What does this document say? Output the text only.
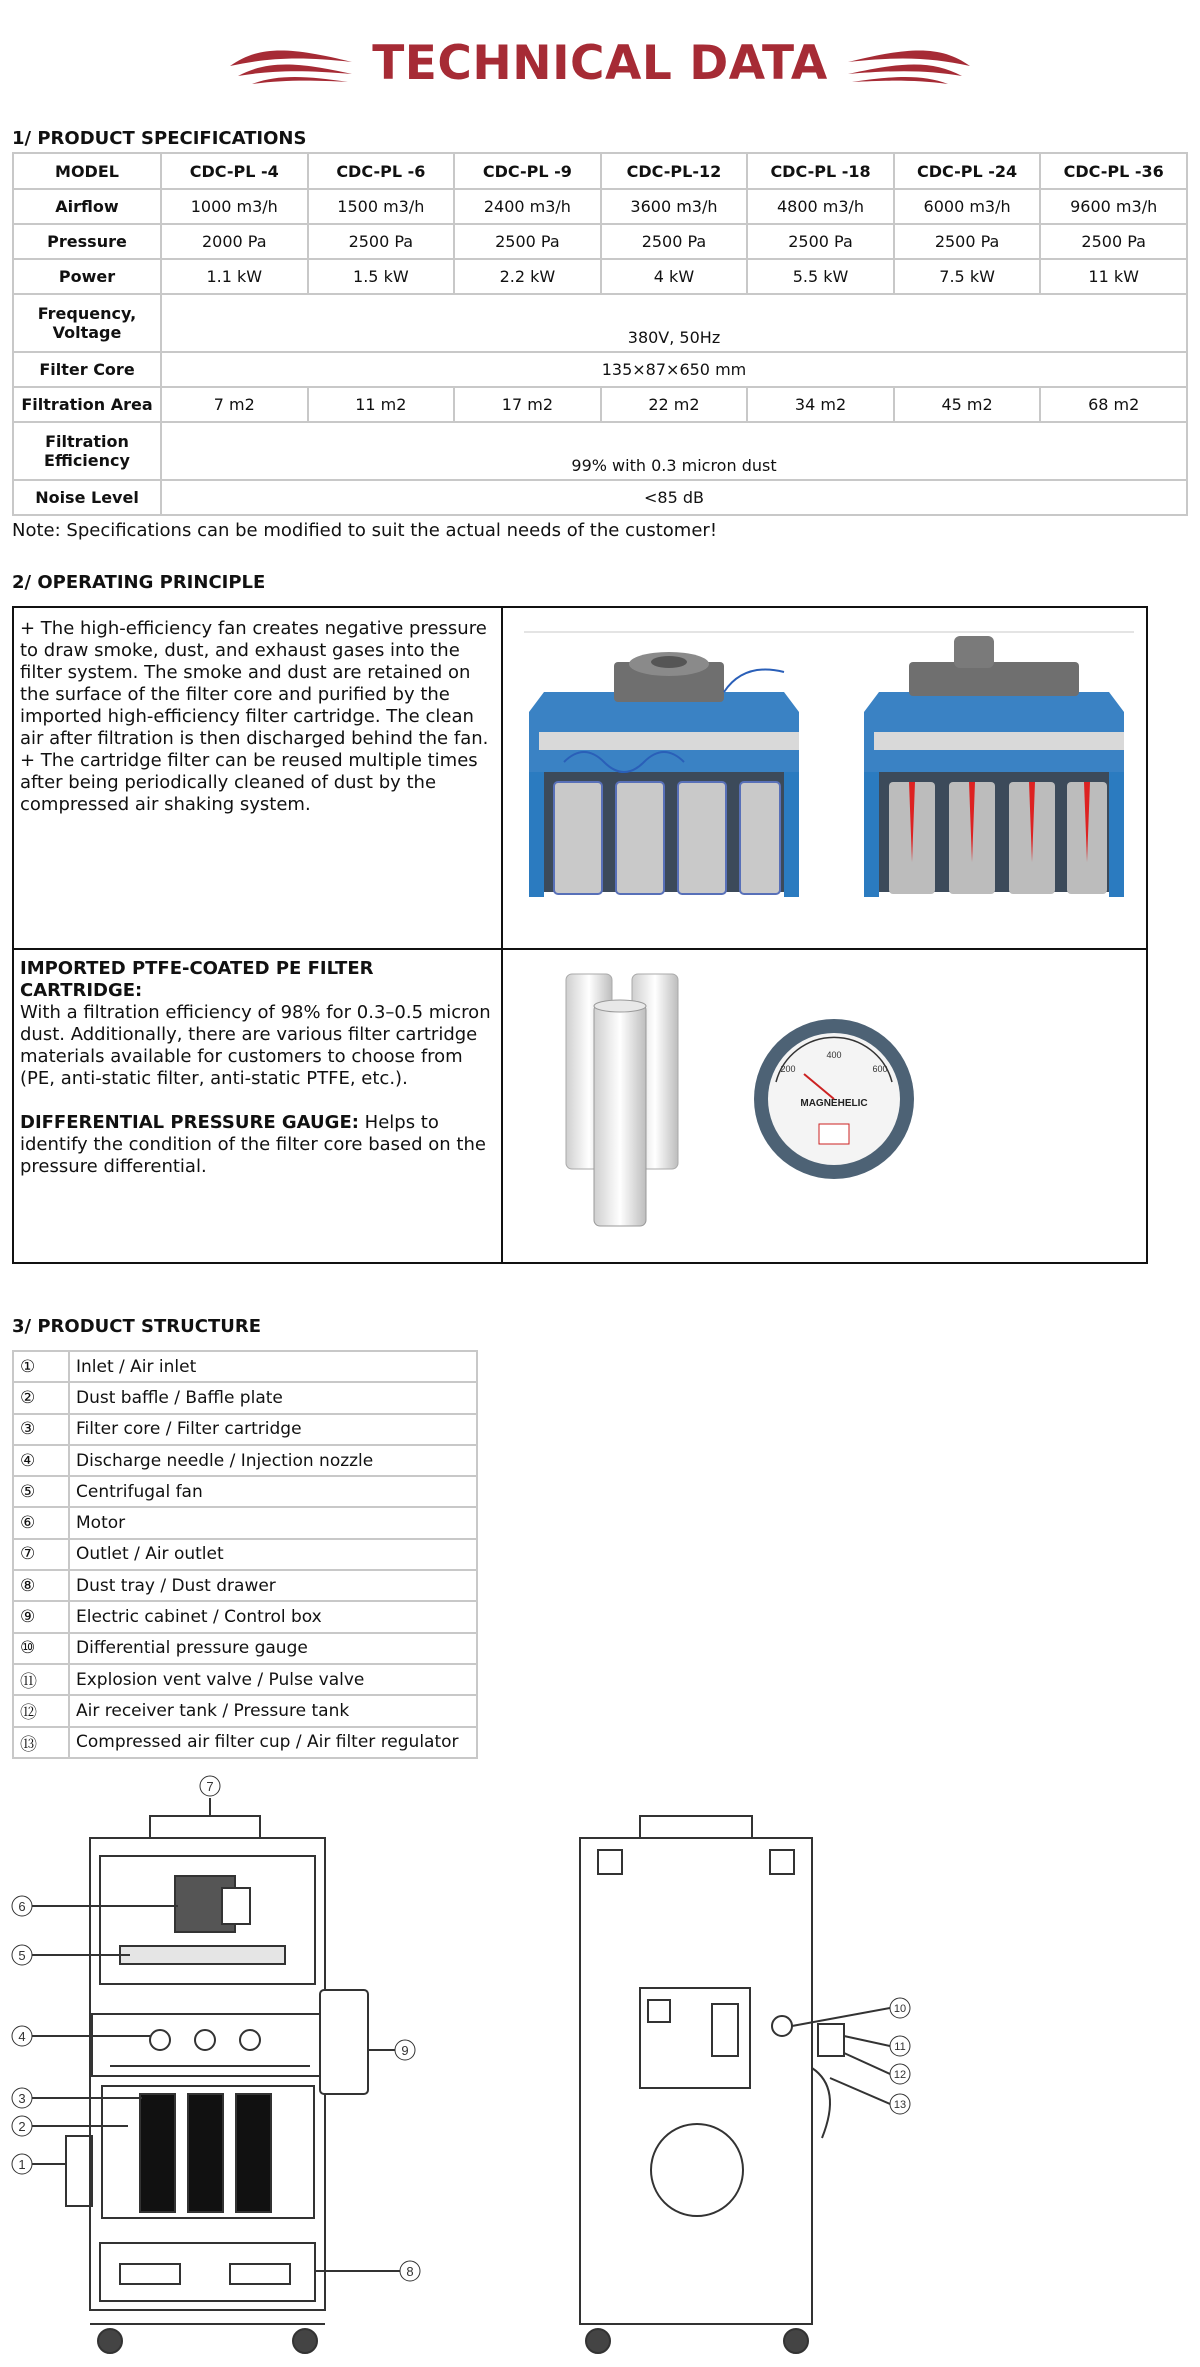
TECHNICAL DATA
1/ PRODUCT SPECIFICATIONS
MODEL	CDC-PL -4	CDC-PL -6	CDC-PL -9	CDC-PL-12	CDC-PL -18	CDC-PL -24	CDC-PL -36
Airflow	1000 m3/h	1500 m3/h	2400 m3/h	3600 m3/h	4800 m3/h	6000 m3/h	9600 m3/h
Pressure	2000 Pa	2500 Pa	2500 Pa	2500 Pa	2500 Pa	2500 Pa	2500 Pa
Power	1.1 kW	1.5 kW	2.2 kW	4 kW	5.5 kW	7.5 kW	11 kW

Frequency,
Voltage	380V, 50Hz						
Filter Core	135×87×650 mm						
Filtration Area	7 m2	11 m2	17 m2	22 m2	34 m2	45 m2	68 m2

Filtration
Efficiency	99% with 0.3 micron dust						
Noise Level	<85 dB						
Note: Specifications can be modified to suit the actual needs of the customer!
2/ OPERATING PRINCIPLE
+ The high-efficiency fan creates negative pressure to draw smoke, dust, and exhaust gases into the filter system. The smoke and dust are retained on the surface of the filter core and purified by the imported high-efficiency filter cartridge. The clean air after filtration is then discharged behind the fan.
+ The cartridge filter can be reused multiple times after being periodically cleaned of dust by the compressed air shaking system.
IMPORTED PTFE-COATED PE FILTER CARTRIDGE:
With a filtration efficiency of 98% for 0.3–0.5 micron dust. Additionally, there are various filter cartridge materials available for customers to choose from (PE, anti-static filter, anti-static PTFE, etc.).

DIFFERENTIAL PRESSURE GAUGE: Helps to identify the condition of the filter core based on the pressure differential.
400
200	600
MAGNEHELIC
3/ PRODUCT STRUCTURE
①	Inlet / Air inlet
②	Dust baffle / Baffle plate
③	Filter core / Filter cartridge
④	Discharge needle / Injection nozzle
⑤	Centrifugal fan
⑥	Motor
⑦	Outlet / Air outlet
⑧	Dust tray / Dust drawer
⑨	Electric cabinet / Control box
⑩	Differential pressure gauge
⑪	Explosion vent valve / Pulse valve
⑫	Air receiver tank / Pressure tank
⑬	Compressed air filter cup / Air filter regulator
7
6
5
4
9
3
2
1
8
10
11
12
13
